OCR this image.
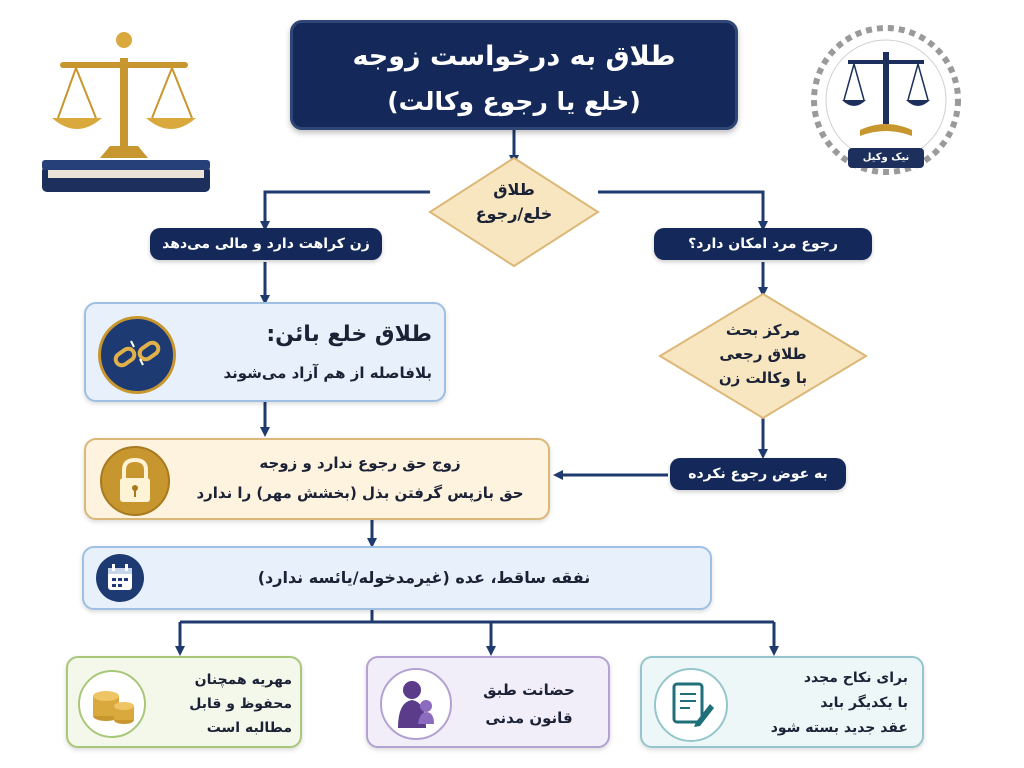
نیک وکیل
طلاق به درخواست زوجه
(خلع یا رجوع وکالت)
طلاق
خلع/رجوع
زن کراهت دارد و مالی می‌دهد	رجوع مرد امکان دارد؟
طلاق خلع بائن:
بلافاصله از هم آزاد می‌شوند
مرکز بحث
طلاق رجعی
با وکالت زن
به عوض رجوع نکرده
زوج حق رجوع ندارد و زوجه
حق بازپس گرفتن بذل (بخشش مهر) را ندارد
نفقه ساقط، عده (غیرمدخوله/یائسه ندارد)
مهریه همچنان
محفوظ و قابل
مطالبه است
حضانت طبق
قانون مدنی
برای نکاح مجدد
با یکدیگر باید
عقد جدید بسته شود
